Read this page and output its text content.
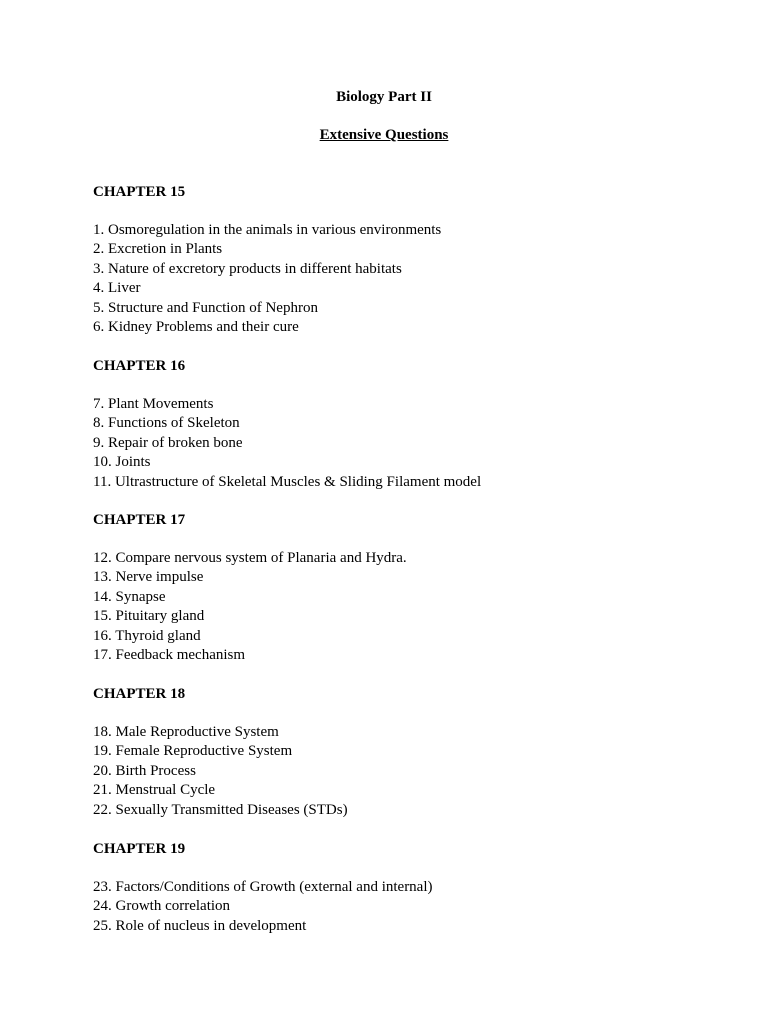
Biology Part II
Extensive Questions

CHAPTER 15

1. Osmoregulation in the animals in various environments
2. Excretion in Plants
3. Nature of excretory products in different habitats
4. Liver
5. Structure and Function of Nephron
6. Kidney Problems and their cure

CHAPTER 16

7. Plant Movements
8. Functions of Skeleton
9. Repair of broken bone
10. Joints
11. Ultrastructure of Skeletal Muscles & Sliding Filament model

CHAPTER 17

12. Compare nervous system of Planaria and Hydra.
13. Nerve impulse
14. Synapse
15. Pituitary gland
16. Thyroid gland
17. Feedback mechanism

CHAPTER 18

18. Male Reproductive System
19. Female Reproductive System
20. Birth Process
21. Menstrual Cycle
22. Sexually Transmitted Diseases (STDs)

CHAPTER 19

23. Factors/Conditions of Growth (external and internal)
24. Growth correlation
25. Role of nucleus in development
